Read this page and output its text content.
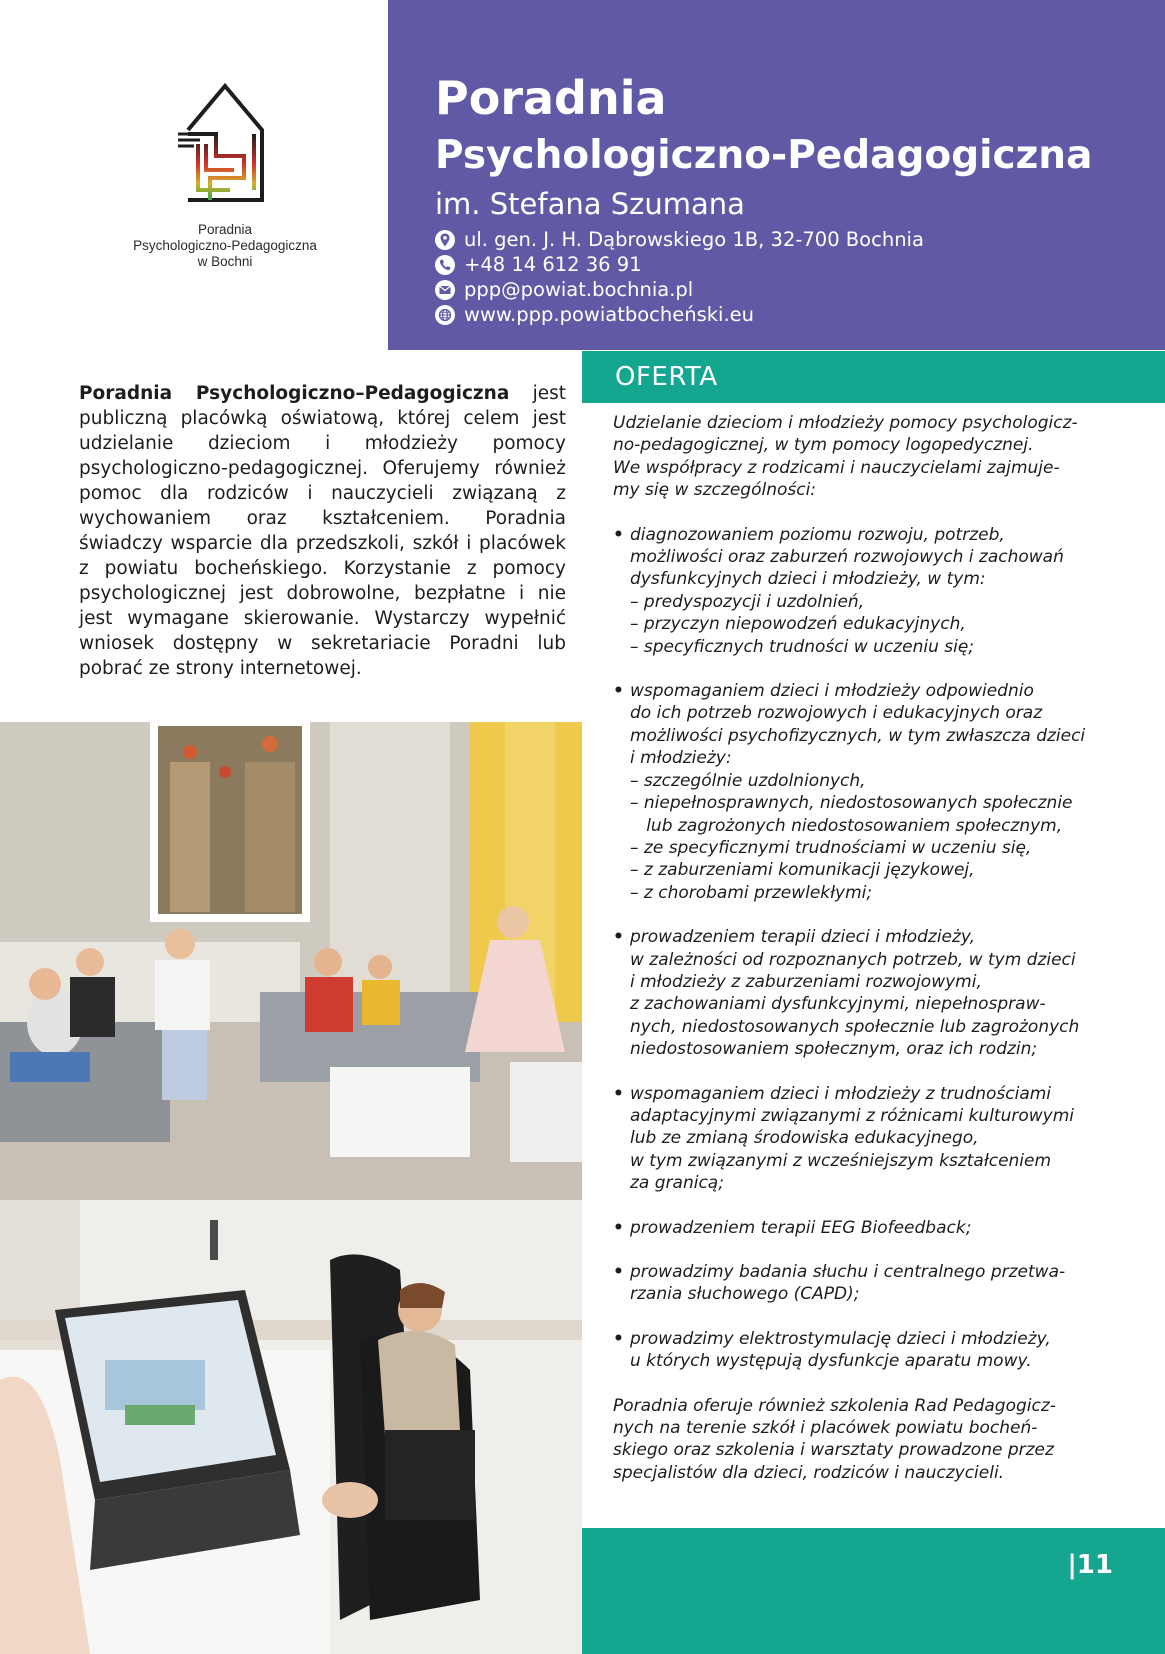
Poradnia
Psychologiczno-Pedagogiczna
w Bochni
Poradnia
Psychologiczno-Pedagogiczna
im. Stefana Szumana
ul. gen. J. H. Dąbrowskiego 1B, 32-700 Bochnia
+48 14 612 36 91
ppp@powiat.bochnia.pl
www.ppp.powiatbocheński.eu
Poradnia Psychologiczno–Pedagogiczna jest publiczną placówką oświatową, której celem jest udzielanie dzieciom i młodzieży pomocy psychologiczno-pedagogicznej. Oferujemy również pomoc dla rodziców i nauczycieli związaną z wychowaniem oraz kształceniem. Poradnia świadczy wsparcie dla przedszkoli, szkół i placówek z powiatu bocheńskiego. Korzystanie z pomocy psychologicznej jest dobrowolne, bezpłatne i nie jest wymagane skierowanie. Wystarczy wypełnić wniosek dostępny w sekretariacie Poradni lub pobrać ze strony internetowej.
OFERTA

Udzielanie dzieciom i młodzieży pomocy psychologicz-
no-pedagogicznej, w tym pomocy logopedycznej.
We współpracy z rodzicami i nauczycielami zajmuje-
my się w szczególności:

• diagnozowaniem poziomu rozwoju, potrzeb,
możliwości oraz zaburzeń rozwojowych i zachowań
dysfunkcyjnych dzieci i młodzieży, w tym:
– predyspozycji i uzdolnień,
– przyczyn niepowodzeń edukacyjnych,
– specyficznych trudności w uczeniu się;
• wspomaganiem dzieci i młodzieży odpowiednio
do ich potrzeb rozwojowych i edukacyjnych oraz
możliwości psychofizycznych, w tym zwłaszcza dzieci
i młodzieży:
– szczególnie uzdolnionych,
– niepełnosprawnych, niedostosowanych społecznie
lub zagrożonych niedostosowaniem społecznym,
– ze specyficznymi trudnościami w uczeniu się,
– z zaburzeniami komunikacji językowej,
– z chorobami przewlekłymi;
• prowadzeniem terapii dzieci i młodzieży,
w zależności od rozpoznanych potrzeb, w tym dzieci
i młodzieży z zaburzeniami rozwojowymi,
z zachowaniami dysfunkcyjnymi, niepełnospraw-
nych, niedostosowanych społecznie lub zagrożonych
niedostosowaniem społecznym, oraz ich rodzin;
• wspomaganiem dzieci i młodzieży z trudnościami
adaptacyjnymi związanymi z różnicami kulturowymi
lub ze zmianą środowiska edukacyjnego,
w tym związanymi z wcześniejszym kształceniem
za granicą;
• prowadzeniem terapii EEG Biofeedback;
• prowadzimy badania słuchu i centralnego przetwa-
rzania słuchowego (CAPD);
• prowadzimy elektrostymulację dzieci i młodzieży,
u których występują dysfunkcje aparatu mowy.

Poradnia oferuje również szkolenia Rad Pedagogicz-
nych na terenie szkół i placówek powiatu bocheń-
skiego oraz szkolenia i warsztaty prowadzone przez
specjalistów dla dzieci, rodziców i nauczycieli.

|11
